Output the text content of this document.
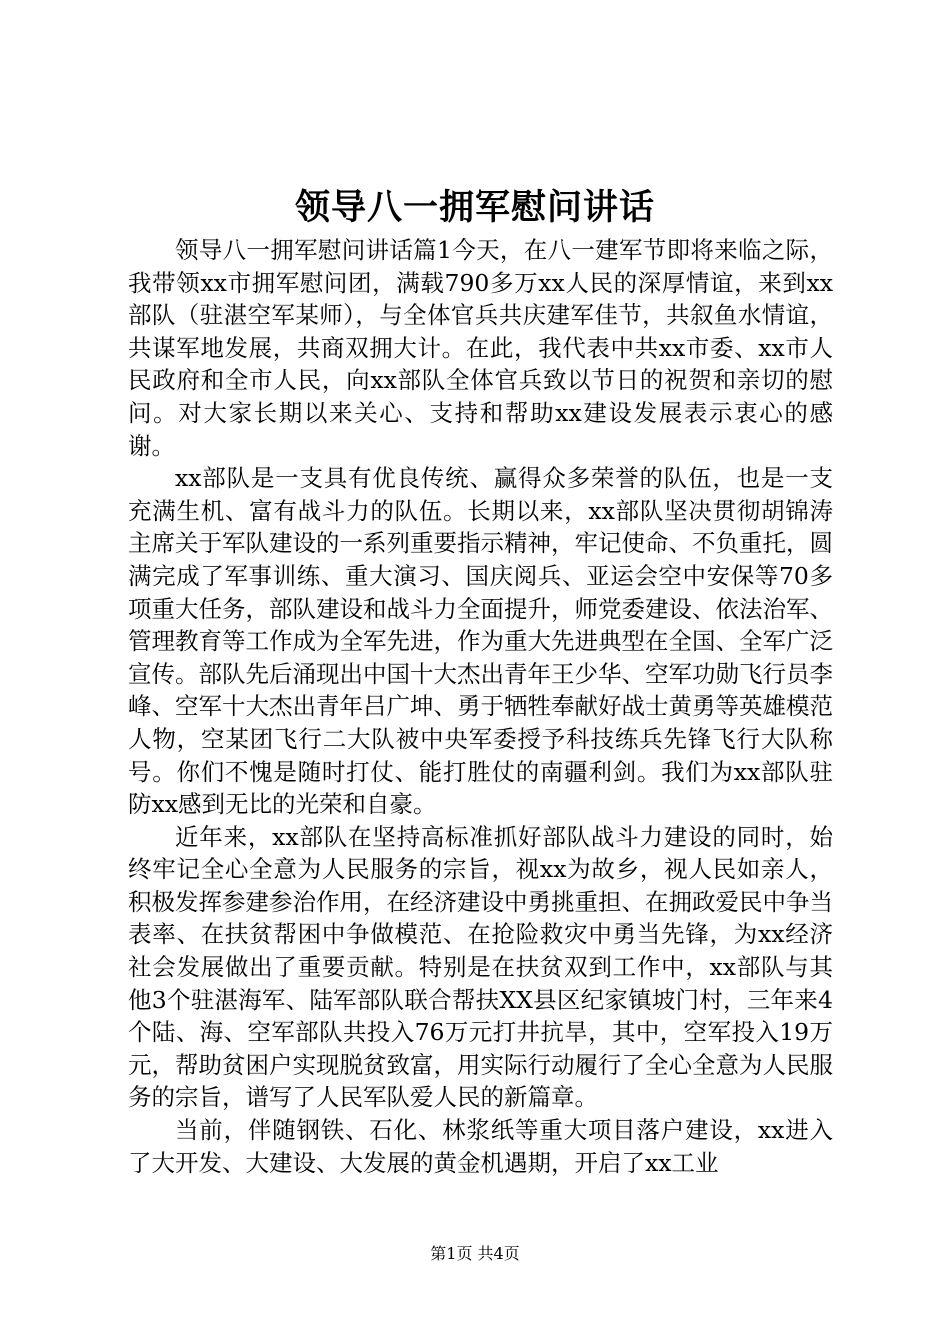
领导八一拥军慰问讲话

领导八一拥军慰问讲话篇1今天，在八一建军节即将来临之际，我带领xx市拥军慰问团，满载790多万xx人民的深厚情谊，来到xx部队（驻湛空军某师），与全体官兵共庆建军佳节，共叙鱼水情谊，共谋军地发展，共商双拥大计。在此，我代表中共xx市委、xx市人民政府和全市人民，向xx部队全体官兵致以节日的祝贺和亲切的慰问。对大家长期以来关心、支持和帮助xx建设发展表示衷心的感谢。

xx部队是一支具有优良传统、赢得众多荣誉的队伍，也是一支充满生机、富有战斗力的队伍。长期以来，xx部队坚决贯彻胡锦涛主席关于军队建设的一系列重要指示精神，牢记使命、不负重托，圆满完成了军事训练、重大演习、国庆阅兵、亚运会空中安保等70多项重大任务，部队建设和战斗力全面提升，师党委建设、依法治军、管理教育等工作成为全军先进，作为重大先进典型在全国、全军广泛宣传。部队先后涌现出中国十大杰出青年王少华、空军功勋飞行员李峰、空军十大杰出青年吕广坤、勇于牺牲奉献好战士黄勇等英雄模范人物，空某团飞行二大队被中央军委授予科技练兵先锋飞行大队称号。你们不愧是随时打仗、能打胜仗的南疆利剑。我们为xx部队驻防xx感到无比的光荣和自豪。

近年来，xx部队在坚持高标准抓好部队战斗力建设的同时，始终牢记全心全意为人民服务的宗旨，视xx为故乡，视人民如亲人，积极发挥参建参治作用，在经济建设中勇挑重担、在拥政爱民中争当表率、在扶贫帮困中争做模范、在抢险救灾中勇当先锋，为xx经济社会发展做出了重要贡献。特别是在扶贫双到工作中，xx部队与其他3个驻湛海军、陆军部队联合帮扶XX县区纪家镇坡门村，三年来4个陆、海、空军部队共投入76万元打井抗旱，其中，空军投入19万元，帮助贫困户实现脱贫致富，用实际行动履行了全心全意为人民服务的宗旨，谱写了人民军队爱人民的新篇章。

当前，伴随钢铁、石化、林浆纸等重大项目落户建设，xx进入了大开发、大建设、大发展的黄金机遇期，开启了xx工业

第1页 共4页
